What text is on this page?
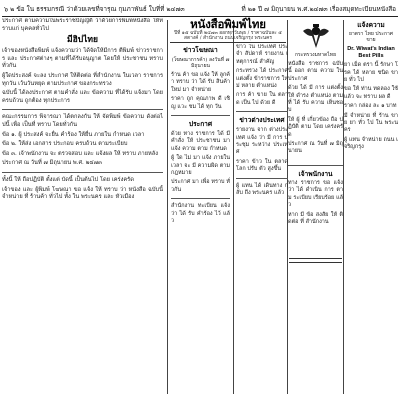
๖ ๒ ข้อ ใน ธรรมกรณี ว่าด้วยเลขที่จารุณ กุมภาพันธ์ ใบที่ที่ ๒๔๗๓	ที่ ๒๑ ปี ๗ มิถุนายน พ.ศ.๒๔๗๓ เรื่องสมุดทะเบียนหนังสือ
หนังสือพิมพ์ไทย
ปีที่ ๑๕ ฉบับที่ ๒๔๗๓ ออกทุกวันพุธ / ราคาฉบับละ ๕ สตางค์ / สำนักงาน ถนนเจริญกรุง พระนคร

ประกาศ ตามความในพระราชบัญญัติ ว่าด้วยการพิมพ์หนังสือ ให้ทราบแก่ บุคคลทั่วไป

มีฮิปไทย

เจ้าของหนังสือพิมพ์ แจ้งความว่า ได้จัดให้มีการ ตีพิมพ์ ข่าวราชการ และ ประกาศต่างๆ ตามที่ได้รับอนุญาต โดยให้ ประชาชน ทราบทั่วกัน

ผู้ใดประสงค์ จะลง ประกาศ ให้ติดต่อ ที่สำนักงาน ในเวลา ราชการ ทุกวัน เว้นวันหยุด ตามประกาศ ของกระทรวง

ฉบับนี้ ได้ลงประกาศ ตามคำสั่ง และ ข้อความ ที่ได้รับ แจ้งมา โดยครบถ้วน ถูกต้อง ทุกประการ

คณะกรรมการ พิจารณา ได้ตกลงกัน ให้ จัดพิมพ์ ข้อความ ดังต่อไปนี้ เพื่อ เป็นที่ ทราบ โดยทั่วกัน

ข้อ ๑. ผู้ ประสงค์ จะยื่น คำร้อง ให้ยื่น ภายใน กำหนด เวลา

ข้อ ๒. ให้ส่ง เอกสาร ประกอบ ครบถ้วน ตามระเบียบ

ข้อ ๓. เจ้าพนักงาน จะ ตรวจสอบ และ แจ้งผล ให้ ทราบ ภายหลัง

ประกาศ ณ วันที่ ๗ มิถุนายน พ.ศ. ๒๔๗๓

ทั้งนี้ ให้ ถือปฏิบัติ ตั้งแต่ บัดนี้ เป็นต้นไป โดย เคร่งครัด

เจ้าของ และ ผู้พิมพ์ โฆษณา ขอ แจ้ง ให้ ทราบ ว่า หนังสือ ฉบับนี้ จำหน่าย ที่ ร้านค้า ทั่วไป ทั้ง ใน พระนคร และ หัวเมือง

ข่าวโฆษณา

(โฆษณาการค้า) ลงวันที่ ๗ มิถุนายน

ร้าน ค้า ขอ แจ้ง ให้ ลูกค้า ทราบ ว่า ได้ รับ สินค้า ใหม่ มา จำหน่าย

ราคา ถูก คุณภาพ ดี เชิญ แวะ ชม ได้ ทุก วัน

ประกาศ

ด้วย ทาง ราชการ ได้ มี คำสั่ง ให้ ประชาชน มา แจ้ง ความ ตาม กำหนด

ผู้ ใด ไม่ มา แจ้ง ภายใน เวลา จะ มี ความผิด ตาม กฎหมาย

ประกาศ มา เพื่อ ทราบ ทั่วกัน

สำนักงาน ทะเบียน แจ้ง ว่า ได้ รับ คำร้อง ไว้ แล้ว

ข่าว ใน ประเทศ ประจำ สัปดาห์ รายงาน เหตุการณ์ สำคัญ

กระทรวง ได้ ประกาศ แต่งตั้ง ข้าราชการ ใหม่ หลาย ตำแหน่ง

การ ค้า ขาย ใน ตลาด เป็น ไป ด้วย ดี

ข่าวต่างประเทศ

รายงาน จาก ต่างประเทศ แจ้ง ว่า มี การ ประชุม ระหว่าง ประเทศ

ราคา ข้าว ใน ตลาด โลก ปรับ ตัว สูงขึ้น

ผู้ แทน ได้ เดินทาง กลับ ถึง พระนคร แล้ว

กระทรวงมหาดไทย

หนังสือ ราชการ ฉบับ นี้ ออก ตาม ความ ใน ประกาศ

ด้วย ได้ มี การ แต่งตั้ง ให้ ดำรง ตำแหน่ง ตาม ที่ ได้ รับ ความ เห็นชอบ

ให้ ผู้ ที่ เกี่ยวข้อง ถือ ปฏิบัติ ตาม โดย เคร่งครัด

ประกาศ ณ วันที่ ๗ มิถุนายน

เจ้าพนักงาน

ทาง ราชการ ขอ แจ้ง ว่า ได้ ดำเนิน การ ตาม ระเบียบ เรียบร้อย แล้ว

หาก มี ข้อ สงสัย ให้ ติดต่อ ที่ สำนักงาน

แจ้งความ

ยาตรา ไทย ประกาศ ขาย

Dr. Wiwat's Indian
Best Pills

ยา เม็ด ตรา นี้ รักษา โรค ได้ หลาย ชนิด ขาย ทั่ว ไป

ขอ ให้ ท่าน ทดลอง ใช้ แล้ว จะ ทราบ ผล ดี

ราคา กล่อง ละ ๑ บาท

มี จำหน่าย ที่ ร้าน ขาย ยา ทั่ว ไป ใน พระนคร

ผู้ แทน จำหน่าย ถนน เจริญกรุง
